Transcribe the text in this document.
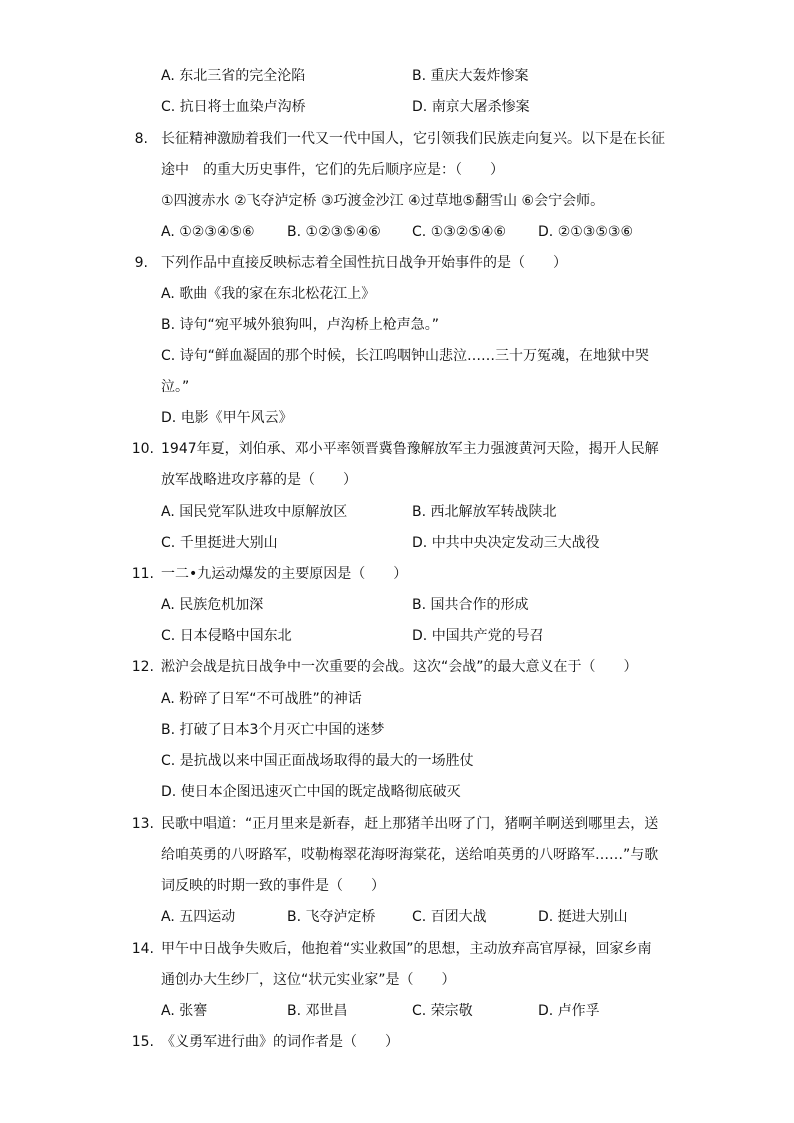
A. 东北三省的完全沦陷	B. 重庆大轰炸惨案
C. 抗日将士血染卢沟桥	D. 南京大屠杀惨案
8. 长征精神激励着我们一代又一代中国人，它引领我们民族走向复兴。以下是在长征
途中　的重大历史事件，它们的先后顺序应是：（　　）
①四渡赤水 ②飞夺泸定桥 ③巧渡金沙江 ④过草地⑤翻雪山 ⑥会宁会师。
A. ①②③④⑤⑥ B. ①②③⑤④⑥ C. ①③②⑤④⑥ D. ②①③⑤③⑥
9. 下列作品中直接反映标志着全国性抗日战争开始事件的是（　　）
A. 歌曲《我的家在东北松花江上》
B. 诗句“宛平城外狼狗叫，卢沟桥上枪声急。”
C. 诗句“鲜血凝固的那个时候，长江呜咽钟山悲泣……三十万冤魂，在地狱中哭
泣。”
D. 电影《甲午风云》
10. 1947年夏，刘伯承、邓小平率领晋冀鲁豫解放军主力强渡黄河天险，揭开人民解
放军战略进攻序幕的是（　　）
A. 国民党军队进攻中原解放区	B. 西北解放军转战陕北
C. 千里挺进大别山	D. 中共中央决定发动三大战役
11. 一二•九运动爆发的主要原因是（　　）
A. 民族危机加深	B. 国共合作的形成
C. 日本侵略中国东北	D. 中国共产党的号召
12. 淞沪会战是抗日战争中一次重要的会战。这次“会战”的最大意义在于（　　）
A. 粉碎了日军“不可战胜”的神话
B. 打破了日本3个月灭亡中国的迷梦
C. 是抗战以来中国正面战场取得的最大的一场胜仗
D. 使日本企图迅速灭亡中国的既定战略彻底破灭
13. 民歌中唱道：“正月里来是新春，赶上那猪羊出呀了门，猪啊羊啊送到哪里去，送
给咱英勇的八呀路军，哎勒梅翠花海呀海棠花，送给咱英勇的八呀路军……”与歌
词反映的时期一致的事件是（　　）
A. 五四运动	B. 飞夺泸定桥	C. 百团大战	D. 挺进大别山
14. 甲午中日战争失败后，他抱着“实业救国”的思想，主动放弃高官厚禄，回家乡南
通创办大生纱厂，这位“状元实业家”是（　　）
A. 张謇	B. 邓世昌	C. 荣宗敬	D. 卢作孚
15. 《义勇军进行曲》的词作者是（　　）
